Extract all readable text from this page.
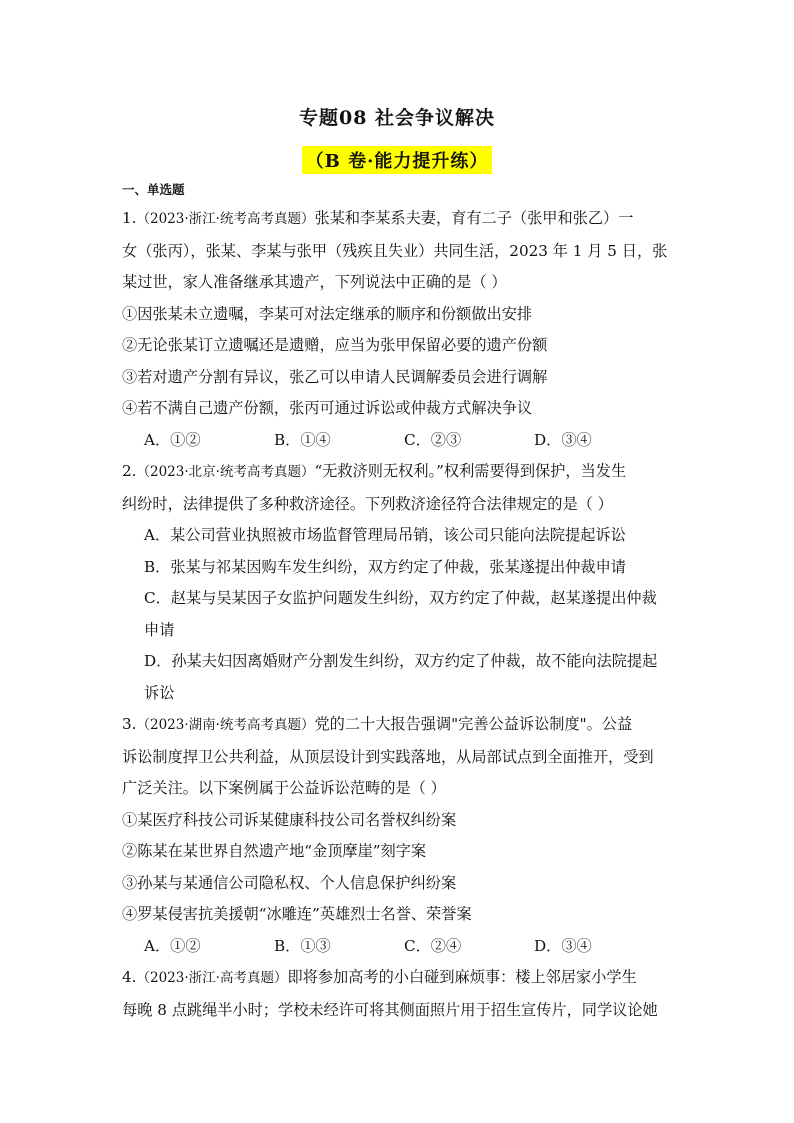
专题08 社会争议解决
（B 卷·能力提升练）
一、单选题
1.（2023·浙江·统考高考真题）张某和李某系夫妻，育有二子（张甲和张乙）一
女（张丙），张某、李某与张甲（残疾且失业）共同生活，2023 年 1 月 5 日，张
某过世，家人准备继承其遗产，下列说法中正确的是（ ）
①因张某未立遗嘱，李某可对法定继承的顺序和份额做出安排
②无论张某订立遗嘱还是遗赠，应当为张甲保留必要的遗产份额
③若对遗产分割有异议，张乙可以申请人民调解委员会进行调解
④若不满自己遗产份额，张丙可通过诉讼或仲裁方式解决争议
A．①②	B．①④	C．②③	D．③④
2.（2023·北京·统考高考真题）“无救济则无权利。”权利需要得到保护，当发生
纠纷时，法律提供了多种救济途径。下列救济途径符合法律规定的是（ ）
A．某公司营业执照被市场监督管理局吊销，该公司只能向法院提起诉讼
B．张某与祁某因购车发生纠纷，双方约定了仲裁，张某遂提出仲裁申请
C．赵某与吴某因子女监护问题发生纠纷，双方约定了仲裁，赵某遂提出仲裁
申请
D．孙某夫妇因离婚财产分割发生纠纷，双方约定了仲裁，故不能向法院提起
诉讼
3.（2023·湖南·统考高考真题）党的二十大报告强调"完善公益诉讼制度"。公益
诉讼制度捍卫公共利益，从顶层设计到实践落地，从局部试点到全面推开，受到
广泛关注。以下案例属于公益诉讼范畴的是（ ）
①某医疗科技公司诉某健康科技公司名誉权纠纷案
②陈某在某世界自然遗产地“金顶摩崖”刻字案
③孙某与某通信公司隐私权、个人信息保护纠纷案
④罗某侵害抗美援朝“冰雕连”英雄烈士名誉、荣誉案
A．①②	B．①③	C．②④	D．③④
4.（2023·浙江·高考真题）即将参加高考的小白碰到麻烦事：楼上邻居家小学生
每晚 8 点跳绳半小时；学校未经许可将其侧面照片用于招生宣传片，同学议论她
